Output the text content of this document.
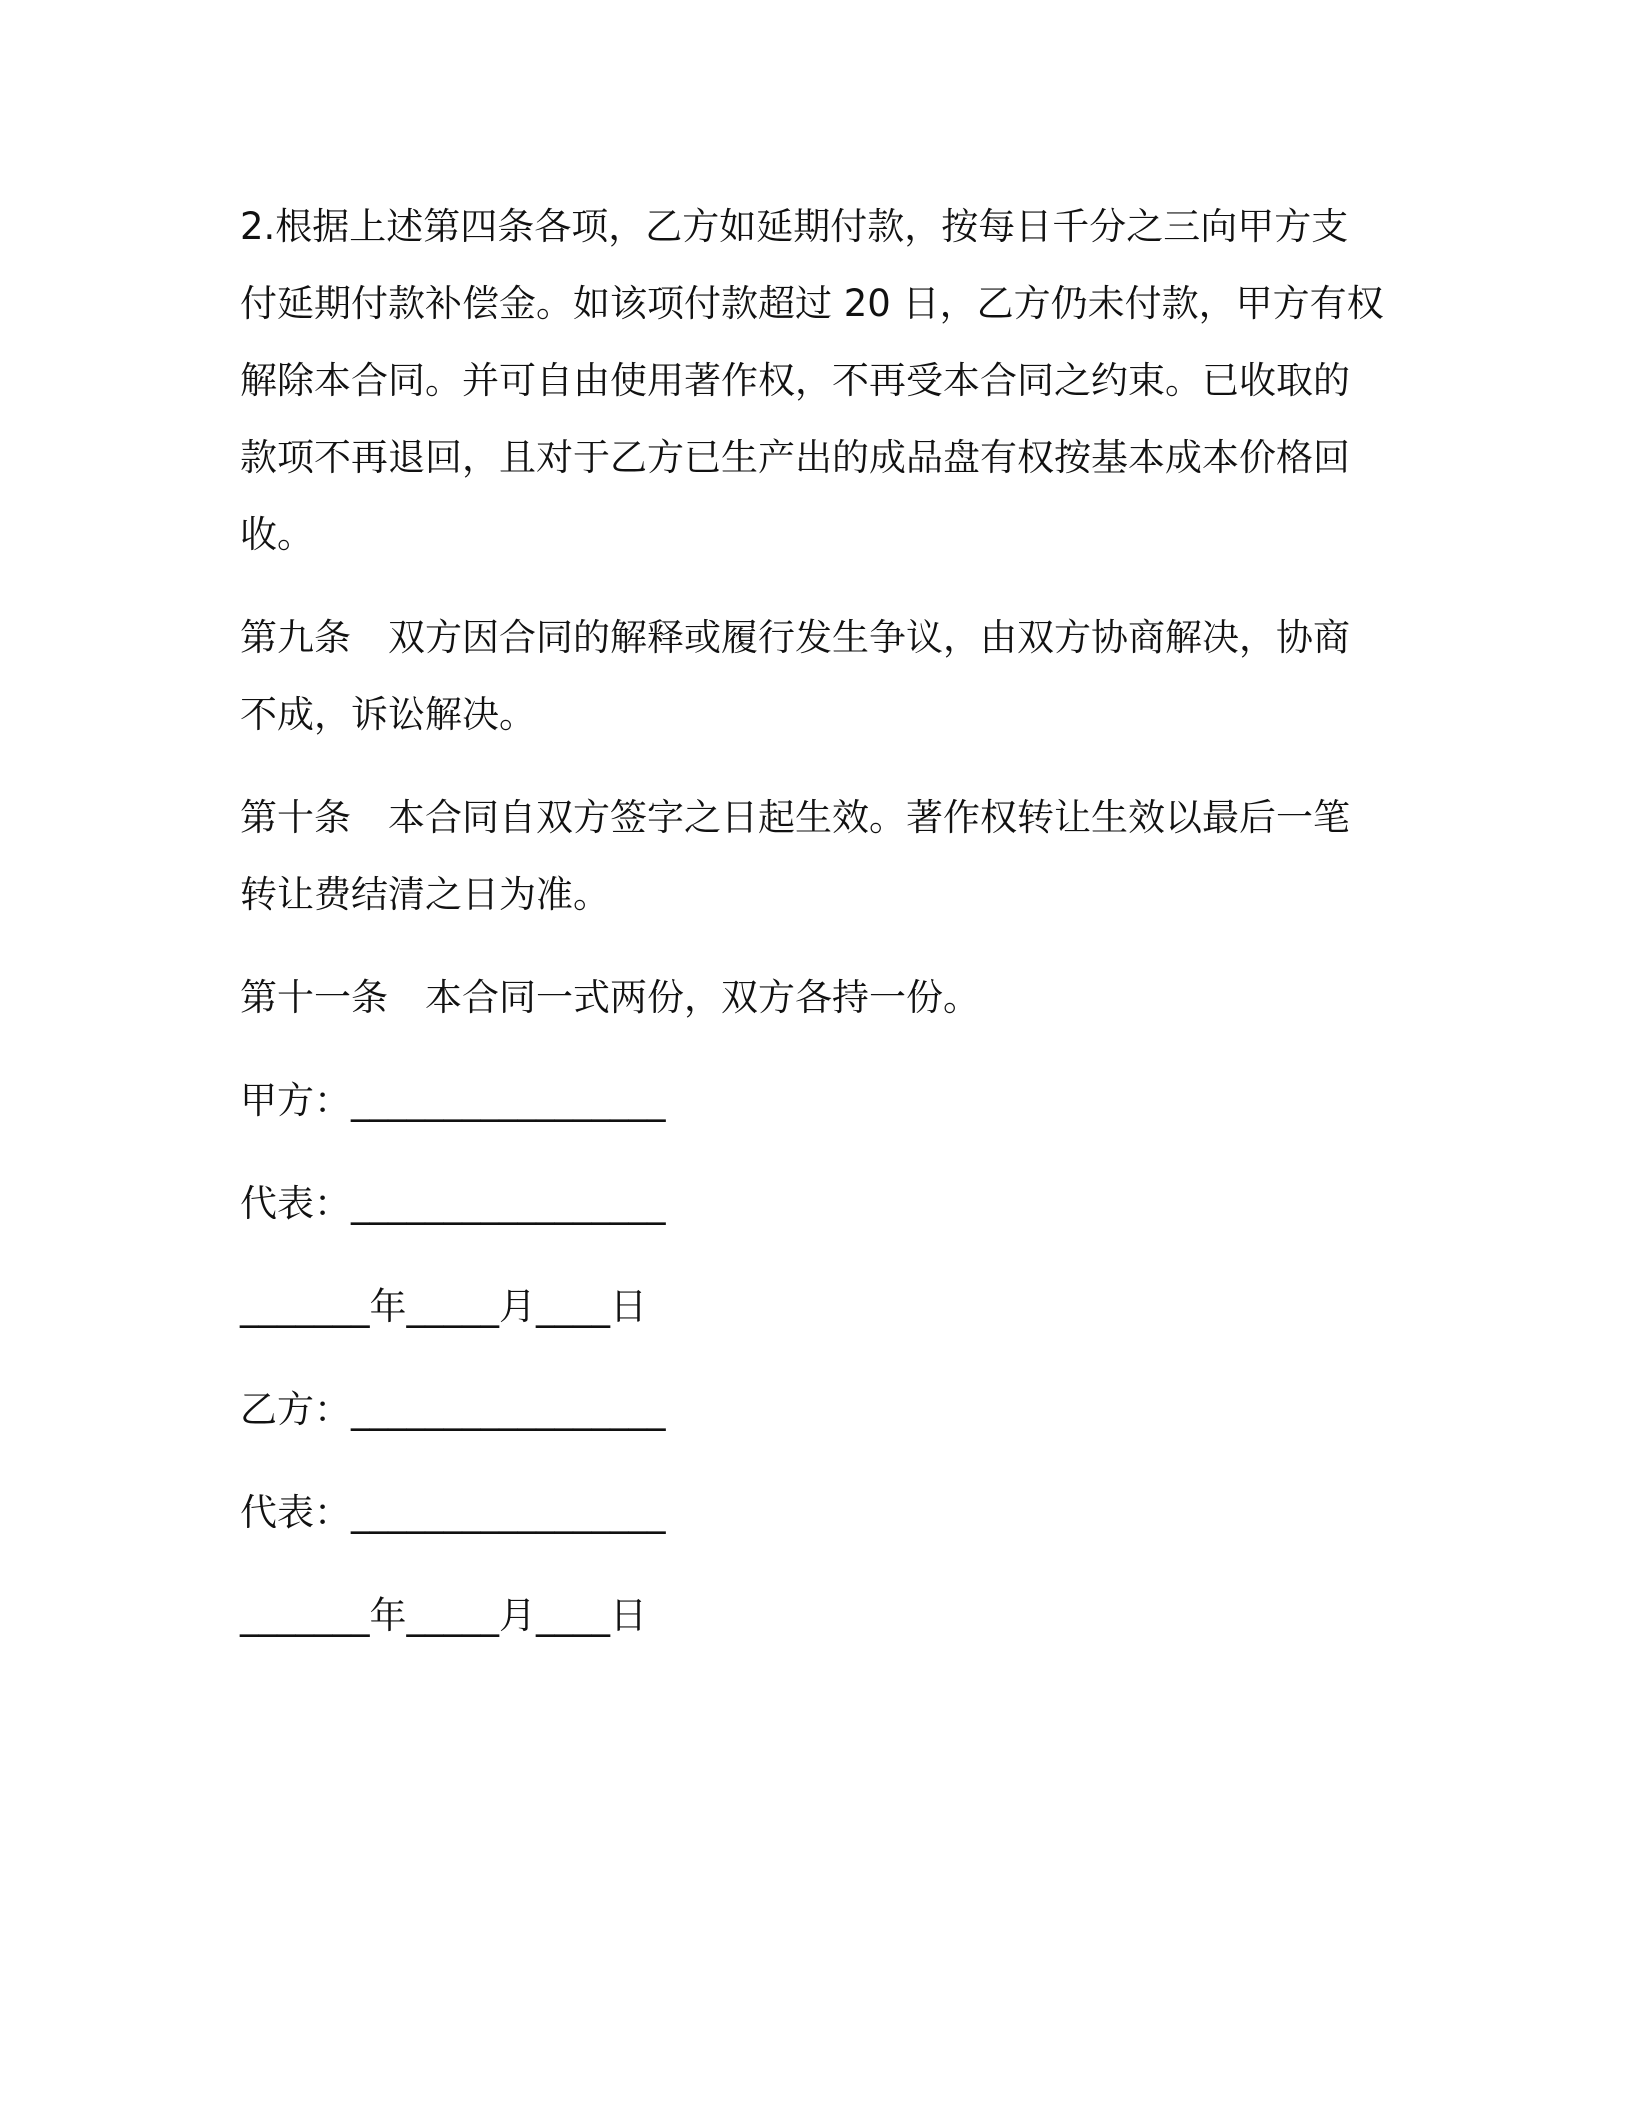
2.根据上述第四条各项，乙方如延期付款，按每日千分之三向甲方支
付延期付款补偿金。如该项付款超过 20 日，乙方仍未付款，甲方有权
解除本合同。并可自由使用著作权，不再受本合同之约束。已收取的
款项不再退回，且对于乙方已生产出的成品盘有权按基本成本价格回
收。

第九条　双方因合同的解释或履行发生争议，由双方协商解决，协商
不成，诉讼解决。

第十条　本合同自双方签字之日起生效。著作权转让生效以最后一笔
转让费结清之日为准。

第十一条　本合同一式两份，双方各持一份。

甲方：_________________

代表：_________________

_______年_____月____日

乙方：_________________

代表：_________________

_______年_____月____日
